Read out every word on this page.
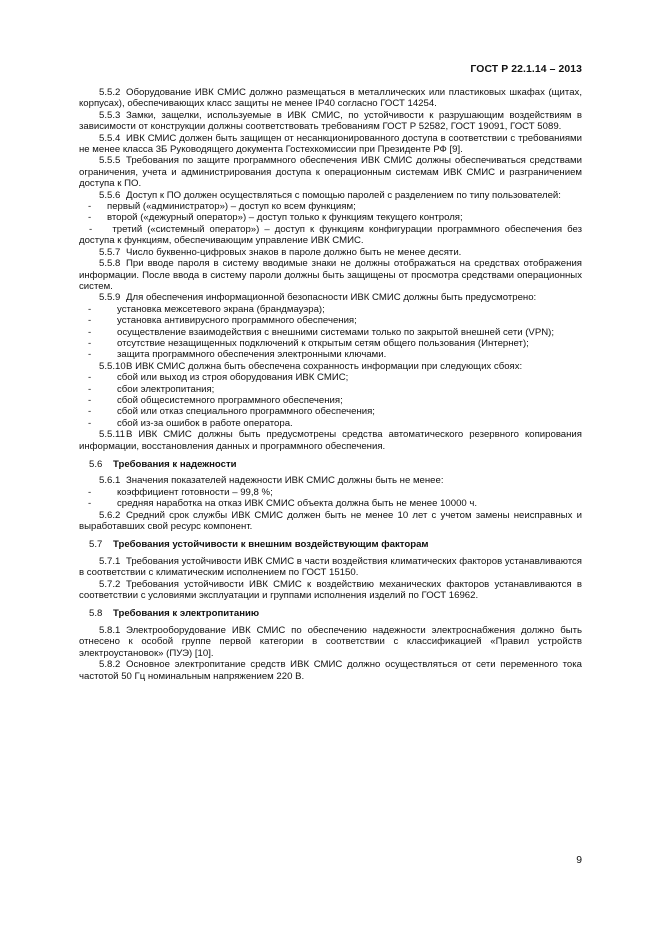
ГОСТ Р 22.1.14 – 2013

5.5.2 Оборудование ИВК СМИС должно размещаться в металлических или пластиковых шкафах (щитах, корпусах), обеспечивающих класс защиты не менее IP40 согласно ГОСТ 14254.

5.5.3 Замки, защелки, используемые в ИВК СМИС, по устойчивости к разрушающим воздействиям в зависимости от конструкции должны соответствовать требованиям ГОСТ Р 52582, ГОСТ 19091, ГОСТ 5089.

5.5.4 ИВК СМИС должен быть защищен от несанкционированного доступа в соответствии с требованиями не менее класса 3Б Руководящего документа Гостехкомиссии при Президенте РФ [9].

5.5.5 Требования по защите программного обеспечения ИВК СМИС должны обеспечиваться средствами ограничения, учета и администрирования доступа к операционным системам ИВК СМИС и разграничением доступа к ПО.

5.5.6 Доступ к ПО должен осуществляться с помощью паролей с разделением по типу пользователей:

-	первый («администратор») – доступ ко всем функциям;
-	второй («дежурный оператор») – доступ только к функциям текущего контроля;

- третий («системный оператор») – доступ к функциям конфигурации программного обеспечения без доступа к функциям, обеспечивающим управление ИВК СМИС.

5.5.7 Число буквенно-цифровых знаков в пароле должно быть не менее десяти.

5.5.8 При вводе пароля в систему вводимые знаки не должны отображаться на средствах отображения информации. После ввода в систему пароли должны быть защищены от просмотра средствами операционных систем.

5.5.9 Для обеспечения информационной безопасности ИВК СМИС должны быть предусмотрено:

-	установка межсетевого экрана (брандмауэра);
-	установка антивирусного программного обеспечения;
-	осуществление взаимодействия с внешними системами только по закрытой внешней сети (VPN);
-	отсутствие незащищенных подключений к открытым сетям общего пользования (Интернет);
-	защита программного обеспечения электронными ключами.

5.5.10В ИВК СМИС должна быть обеспечена сохранность информации при следующих сбоях:

-	сбой или выход из строя оборудования ИВК СМИС;
-	сбои электропитания;
-	сбой общесистемного программного обеспечения;
-	сбой или отказ специального программного обеспечения;
-	сбой из-за ошибок в работе оператора.

5.5.11В ИВК СМИС должны быть предусмотрены средства автоматического резервного копирования информации, восстановления данных и программного обеспечения.

5.6 Требования к надежности

5.6.1 Значения показателей надежности ИВК СМИС должны быть не менее:

-	коэффициент готовности – 99,8 %;
-	средняя наработка на отказ ИВК СМИС объекта должна быть не менее 10000 ч.

5.6.2 Средний срок службы ИВК СМИС должен быть не менее 10 лет с учетом замены неисправных и выработавших свой ресурс компонент.

5.7 Требования устойчивости к внешним воздействующим факторам

5.7.1 Требования устойчивости ИВК СМИС в части воздействия климатических факторов устанавливаются в соответствии с климатическим исполнением по ГОСТ 15150.

5.7.2 Требования устойчивости ИВК СМИС к воздействию механических факторов устанавливаются в соответствии с условиями эксплуатации и группами исполнения изделий по ГОСТ 16962.

5.8 Требования к электропитанию

5.8.1 Электрооборудование ИВК СМИС по обеспечению надежности электроснабжения должно быть отнесено к особой группе первой категории в соответствии с классификацией «Правил устройств электроустановок» (ПУЭ) [10].

5.8.2 Основное электропитание средств ИВК СМИС должно осуществляться от сети переменного тока частотой 50 Гц номинальным напряжением 220 В.

9
